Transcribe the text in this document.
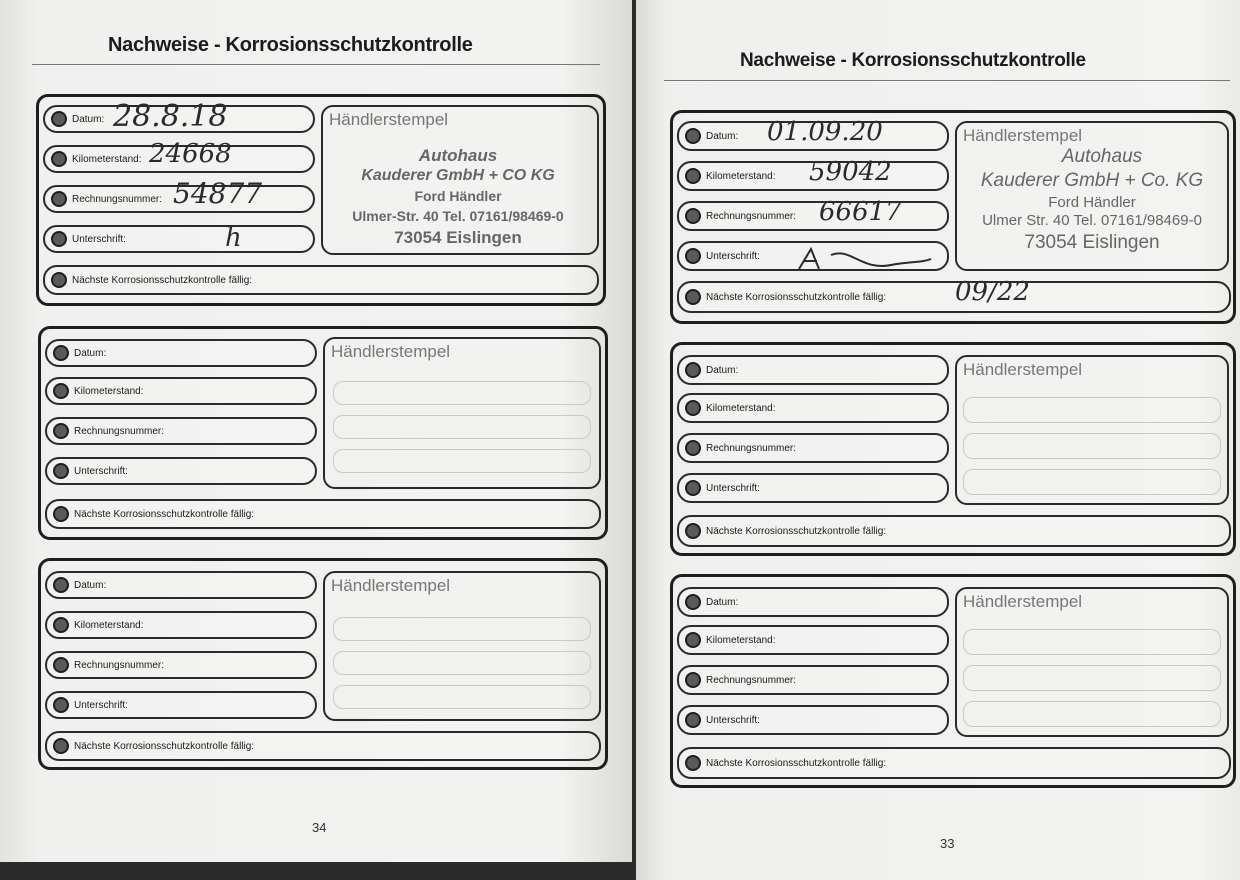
Nachweise - Korrosionsschutzkontrolle
Datum: 28.8.18
Kilometerstand: 24668
Rechnungsnummer: 54877
Unterschrift:	h
Händlerstempel
Autohaus
Kauderer GmbH + CO KG
Ford Händler
Ulmer-Str. 40 Tel. 07161/98469-0
73054 Eislingen
Nächste Korrosionsschutzkontrolle fällig:
Datum:
Kilometerstand:
Rechnungsnummer:
Unterschrift:
Händlerstempel
Nächste Korrosionsschutzkontrolle fällig:
Datum:
Kilometerstand:
Rechnungsnummer:
Unterschrift:
Händlerstempel
Nächste Korrosionsschutzkontrolle fällig:
34
Nachweise - Korrosionsschutzkontrolle
Datum: 01.09.20
Kilometerstand: 59042
Rechnungsnummer: 66617
Unterschrift:
Händlerstempel
Autohaus
Kauderer GmbH + Co. KG
Ford Händler
Ulmer Str. 40 Tel. 07161/98469-0
73054 Eislingen
Nächste Korrosionsschutzkontrolle fällig:	09/22
Datum:
Kilometerstand:
Rechnungsnummer:
Unterschrift:
Händlerstempel
Nächste Korrosionsschutzkontrolle fällig:
Datum:
Kilometerstand:
Rechnungsnummer:
Unterschrift:
Händlerstempel
Nächste Korrosionsschutzkontrolle fällig:
33
